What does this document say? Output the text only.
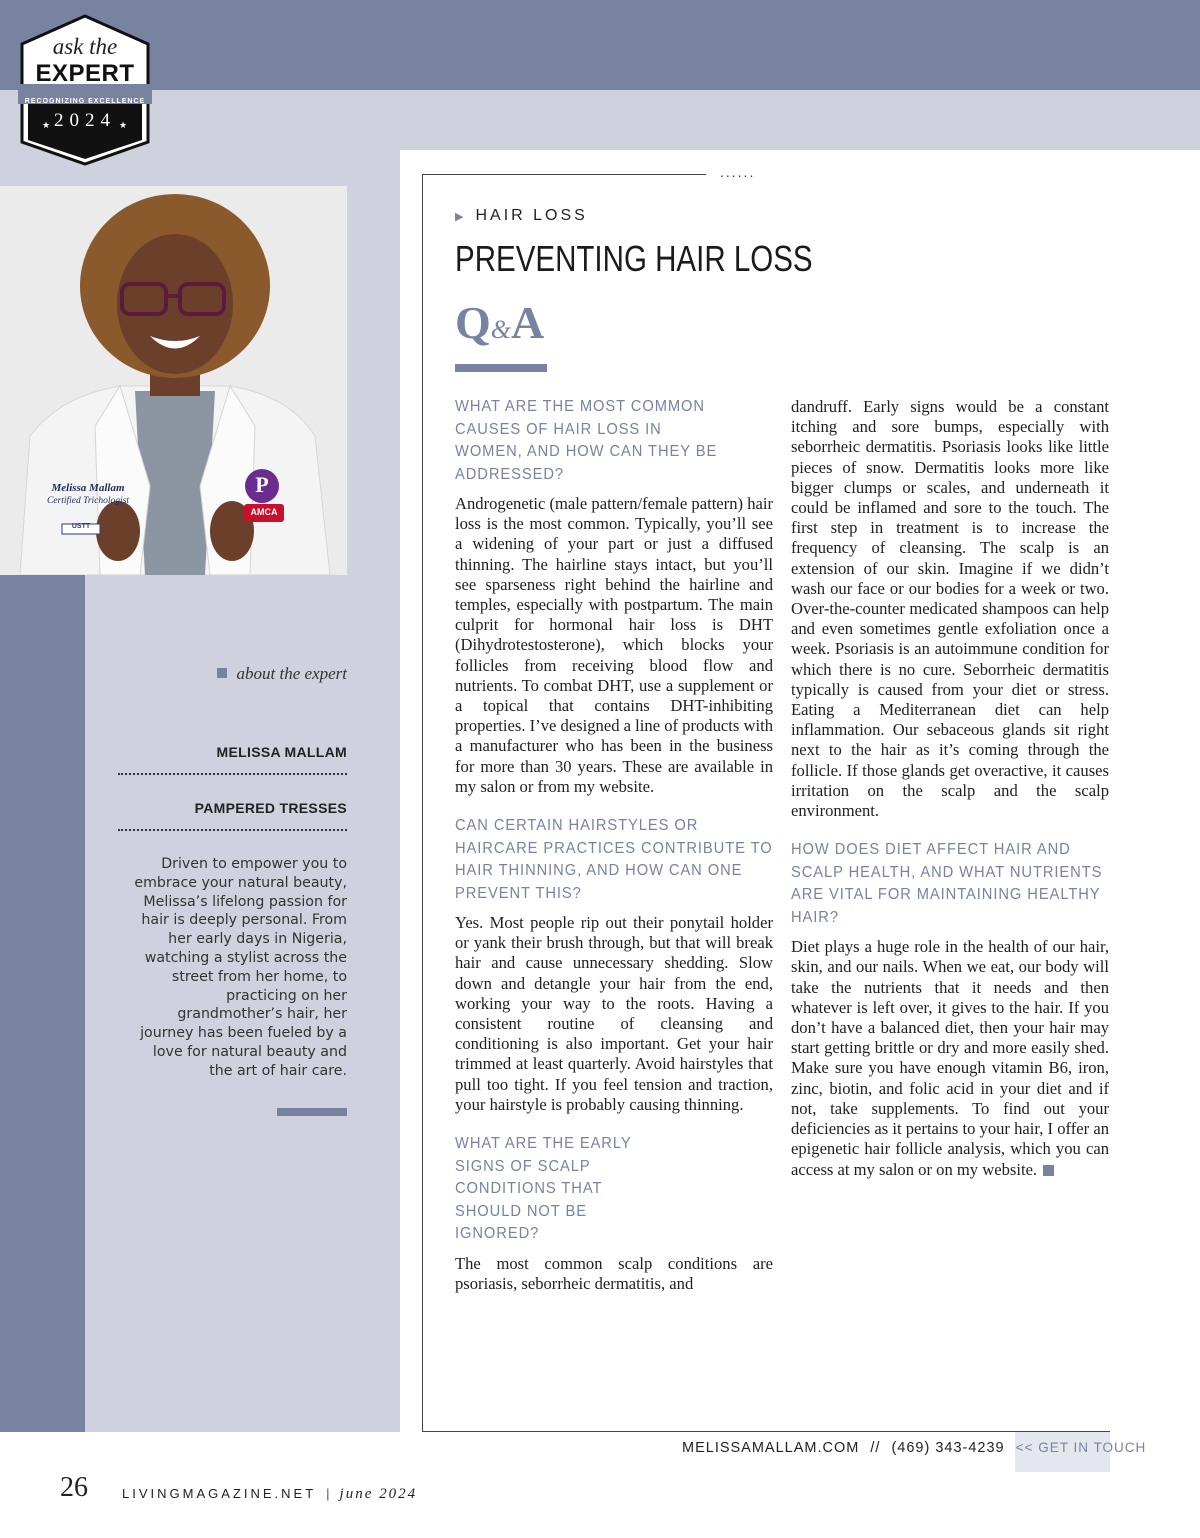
★	★
ask the
EXPERT
RECOGNIZING EXCELLENCE
2024
Melissa Mallam
Certified Trichologist
USTT
P
AMCA
......
▶ HAIR LOSS
PREVENTING HAIR LOSS
Q&A
WHAT ARE THE MOST COMMON CAUSES OF HAIR LOSS IN WOMEN, AND HOW CAN THEY BE ADDRESSED?
Androgenetic (male pattern/female pattern) hair loss is the most common. Typically, you’ll see a widening of your part or just a diffused thinning. The hairline stays intact, but you’ll see sparseness right behind the hairline and temples, especially with postpartum. The main culprit for hormonal hair loss is DHT (Dihydrotestosterone), which blocks your follicles from receiving blood flow and nutrients. To combat DHT, use a supplement or a topical that contains DHT-inhibiting properties. I’ve designed a line of products with a manufacturer who has been in the business for more than 30 years. These are available in my salon or from my website.
CAN CERTAIN HAIRSTYLES OR HAIRCARE PRACTICES CONTRIBUTE TO HAIR THINNING, AND HOW CAN ONE PREVENT THIS?
Yes. Most people rip out their ponytail holder or yank their brush through, but that will break hair and cause unnecessary shedding. Slow down and detangle your hair from the end, working your way to the roots. Having a consistent routine of cleansing and conditioning is also important. Get your hair trimmed at least quarterly. Avoid hairstyles that pull too tight. If you feel tension and traction, your hairstyle is probably causing thinning.
WHAT ARE THE EARLY SIGNS OF SCALP CONDITIONS THAT SHOULD NOT BE IGNORED?
The most common scalp conditions are psoriasis, seborrheic dermatitis, and
dandruff. Early signs would be a constant itching and sore bumps, especially with seborrheic dermatitis. Psoriasis looks like little pieces of snow. Dermatitis looks more like bigger clumps or scales, and underneath it could be inflamed and sore to the touch. The first step in treatment is to increase the frequency of cleansing. The scalp is an extension of our skin. Imagine if we didn’t wash our face or our bodies for a week or two. Over-the-counter medicated shampoos can help and even sometimes gentle exfoliation once a week. Psoriasis is an autoimmune condition for which there is no cure. Seborrheic dermatitis typically is caused from your diet or stress. Eating a Mediterranean diet can help inflammation. Our sebaceous glands sit right next to the hair as it’s coming through the follicle. If those glands get overactive, it causes irritation on the scalp and the scalp environment.
HOW DOES DIET AFFECT HAIR AND SCALP HEALTH, AND WHAT NUTRIENTS ARE VITAL FOR MAINTAINING HEALTHY HAIR?
Diet plays a huge role in the health of our hair, skin, and our nails. When we eat, our body will take the nutrients that it needs and then whatever is left over, it gives to the hair. If you don’t have a balanced diet, then your hair may start getting brittle or dry and more easily shed. Make sure you have enough vitamin B6, iron, zinc, biotin, and folic acid in your diet and if not, take supplements. To find out your deficiencies as it pertains to your hair, I offer an epigenetic hair follicle analysis, which you can access at my salon or on my website.
about the expert
MELISSA MALLAM
PAMPERED TRESSES
Driven to empower you to embrace your natural beauty, Melissa’s lifelong passion for hair is deeply personal. From her early days in Nigeria, watching a stylist across the street from her home, to practicing on her grandmother’s hair, her journey has been fueled by a love for natural beauty and the art of hair care.
MELISSAMALLAM.COM // (469) 343-4239 << GET IN TOUCH
26	LIVINGMAGAZINE.NET | june 2024
